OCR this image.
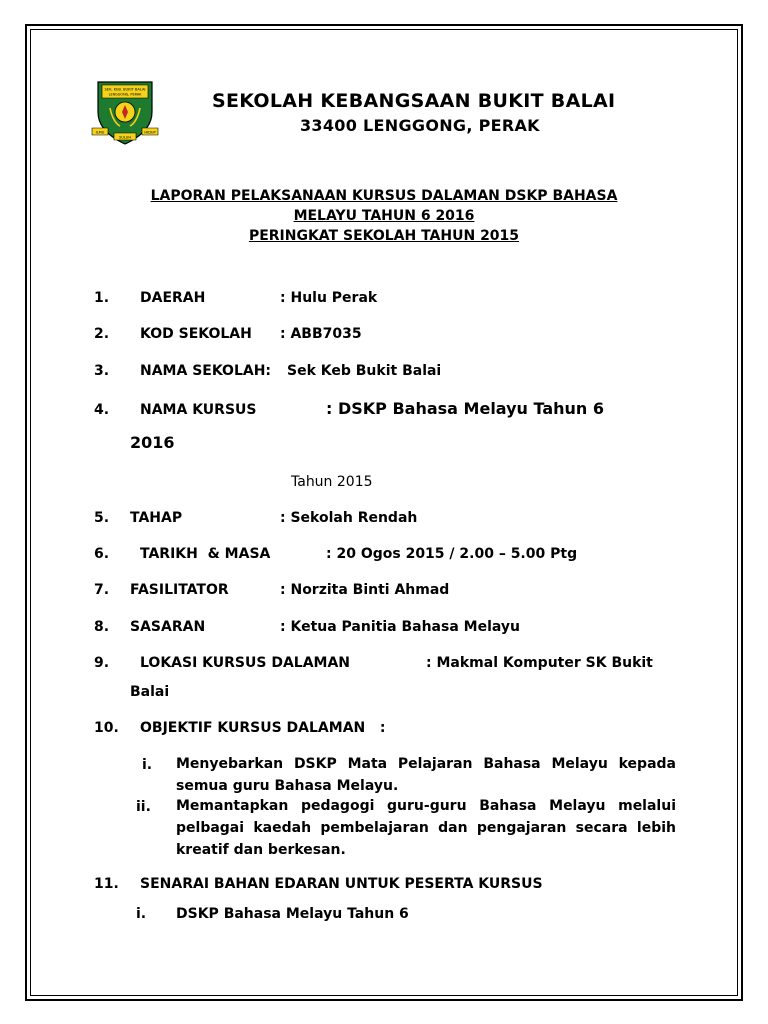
SEK. KEB. BUKIT BALAI
LENGGONG, PERAK
ILMU
SULUH
HIDUP
SEKOLAH KEBANGSAAN BUKIT BALAI
33400 LENGGONG, PERAK
LAPORAN PELAKSANAAN KURSUS DALAMAN DSKP BAHASA
MELAYU TAHUN 6 2016
PERINGKAT SEKOLAH TAHUN 2015
1. DAERAH	: Hulu Perak
2. KOD SEKOLAH : ABB7035
3. NAMA SEKOLAH: Sek Keb Bukit Balai
4. NAMA KURSUS	: DSKP Bahasa Melayu Tahun 6
2016
Tahun 2015
5. TAHAP	: Sekolah Rendah
6. TARIKH  & MASA	: 20 Ogos 2015 / 2.00 – 5.00 Ptg
7. FASILITATOR	: Norzita Binti Ahmad
8. SASARAN	: Ketua Panitia Bahasa Melayu
9. LOKASI KURSUS DALAMAN	: Makmal Komputer SK Bukit
Balai
10. OBJEKTIF KURSUS DALAMAN   :
i. Menyebarkan DSKP Mata Pelajaran Bahasa Melayu kepada semua guru Bahasa Melayu.
ii. Memantapkan pedagogi guru-guru Bahasa Melayu melalui pelbagai kaedah pembelajaran dan pengajaran secara lebih kreatif dan berkesan.
11. SENARAI BAHAN EDARAN UNTUK PESERTA KURSUS
i. DSKP Bahasa Melayu Tahun 6
